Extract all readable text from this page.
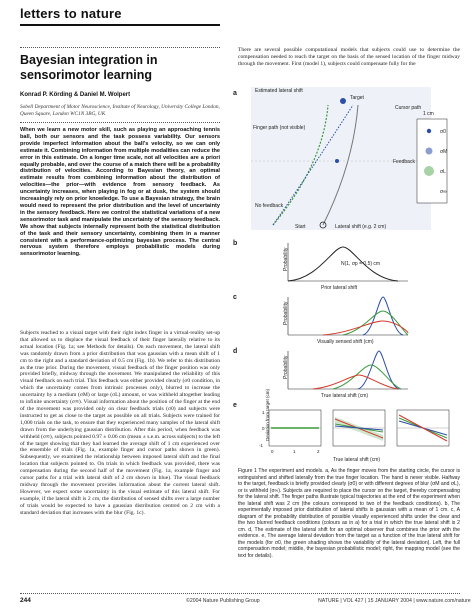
letters to nature
Bayesian integration in sensorimotor learning
Konrad P. Körding & Daniel M. Wolpert
Sobell Department of Motor Neuroscience, Institute of Neurology, University College London, Queen Square, London WC1N 3BG, UK
When we learn a new motor skill, such as playing an approaching tennis ball, both our sensors and the task possess variability. Our sensors provide imperfect information about the ball's velocity, so we can only estimate it. Combining information from multiple modalities can reduce the error in this estimate. On a longer time scale, not all velocities are a priori equally probable, and over the course of a match there will be a probability distribution of velocities. According to Bayesian theory, an optimal estimate results from combining information about the distribution of velocities—the prior—with evidence from sensory feedback. As uncertainty increases, when playing in fog or at dusk, the system should increasingly rely on prior knowledge. To use a Bayesian strategy, the brain would need to represent the prior distribution and the level of uncertainty in the sensory feedback. Here we control the statistical variations of a new sensorimotor task and manipulate the uncertainty of the sensory feedback. We show that subjects internally represent both the statistical distribution of the task and their sensory uncertainty, combining them in a manner consistent with a performance-optimizing bayesian process. The central nervous system therefore employs probabilistic models during sensorimotor learning.
Subjects reached to a visual target with their right index finger in a virtual-reality set-up that allowed us to displace the visual feedback of their finger laterally relative to its actual location (Fig. 1a; see Methods for details). On each movement, the lateral shift was randomly drawn from a prior distribution that was gaussian with a mean shift of 1 cm to the right and a standard deviation of 0.5 cm (Fig. 1b). We refer to this distribution as the true prior. During the movement, visual feedback of the finger position was only provided briefly, midway through the movement. We manipulated the reliability of this visual feedback on each trial. This feedback was either provided clearly (σ0 condition, in which the uncertainty comes from intrinsic processes only), blurred to increase the uncertainty by a medium (σM) or large (σL) amount, or was withheld altogether leading to infinite uncertainty (σ∞). Visual information about the position of the finger at the end of the movement was provided only on clear feedback trials (σ0) and subjects were instructed to get as close to the target as possible on all trials. Subjects were trained for 1,000 trials on the task, to ensure that they experienced many samples of the lateral shift drawn from the underlying gaussian distribution. After this period, when feedback was withheld (σ∞), subjects pointed 0.97 ± 0.06 cm (mean ± s.e.m. across subjects) to the left of the target showing that they had learned the average shift of 1 cm experienced over the ensemble of trials (Fig. 1a, example finger and cursor paths shown in green). Subsequently, we examined the relationship between imposed lateral shift and the final location that subjects pointed to. On trials in which feedback was provided, there was compensation during the second half of the movement (Fig. 1a, example finger and cursor paths for a trial with lateral shift of 2 cm shown in blue). The visual feedback midway through the movement provides information about the current lateral shift. However, we expect some uncertainty in the visual estimate of this lateral shift. For example, if the lateral shift is 2 cm, the distribution of sensed shifts over a large number of trials would be expected to have a gaussian distribution centred on 2 cm with a standard deviation that increases with the blur (Fig. 1c).
There are several possible computational models that subjects could use to determine the compensation needed to reach the target on the basis of the sensed location of the finger midway through the movement. First (model 1), subjects could compensate fully for the
a	Estimated lateral shift
Target
Cursor path
Finger path (not visible)
Feedback
No feedback
Start	Lateral shift (e.g. 2 cm)
1 cm
σ0
σM
σL
σ∞
b
Probability	N(1, σp = 0.5) cm
Prior lateral shift
c
Probability
Visually sensed shift (cm)
d
Probability
True lateral shift (cm)
e	Deviation from target (cm)
1
0
-1
0	1	2
True lateral shift (cm)
Figure 1 The experiment and models. a, As the finger moves from the starting circle, the cursor is extinguished and shifted laterally from the true finger location. The hand is never visible. Halfway to the target, feedback is briefly provided clearly (σ0) or with different degrees of blur (σM and σL), or is withheld (σ∞). Subjects are required to place the cursor on the target, thereby compensating for the lateral shift. The finger paths illustrate typical trajectories at the end of the experiment when the lateral shift was 2 cm (the colours correspond to two of the feedback conditions). b, The experimentally imposed prior distribution of lateral shifts is gaussian with a mean of 1 cm. c, A diagram of the probability distribution of possible visually experienced shifts under the clear and the two blurred feedback conditions (colours as in a) for a trial in which the true lateral shift is 2 cm. d, The estimate of the lateral shift for an optimal observer that combines the prior with the evidence. e, The average lateral deviation from the target as a function of the true lateral shift for the models (for σ0, the green shading shows the variability of the lateral deviation). Left, the full compensation model; middle, the bayesian probabilistic model; right, the mapping model (see the text for details).
244	©2004 Nature Publishing Group	NATURE | VOL 427 | 15 JANUARY 2004 | www.nature.com/nature
